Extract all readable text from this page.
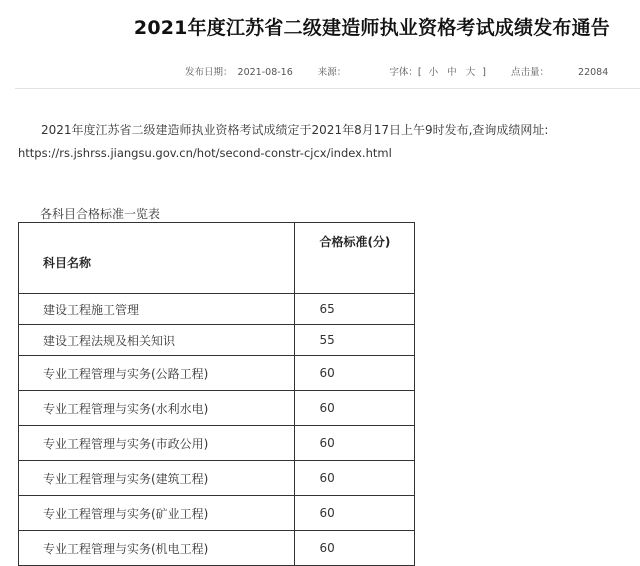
2021年度江苏省二级建造师执业资格考试成绩发布通告
发布日期： 2021-08-16	来源：	字体：[ 小 中 大 ]	点击量：	22084
2021年度江苏省二级建造师执业资格考试成绩定于2021年8月17日上午9时发布,查询成绩网址:
https://rs.jshrss.jiangsu.gov.cn/hot/second-constr-cjcx/index.html
各科目合格标准一览表
科目名称	合格标准(分)
建设工程施工管理	65
建设工程法规及相关知识	55
专业工程管理与实务(公路工程)	60
专业工程管理与实务(水利水电)	60
专业工程管理与实务(市政公用)	60
专业工程管理与实务(建筑工程)	60
专业工程管理与实务(矿业工程)	60
专业工程管理与实务(机电工程)	60
